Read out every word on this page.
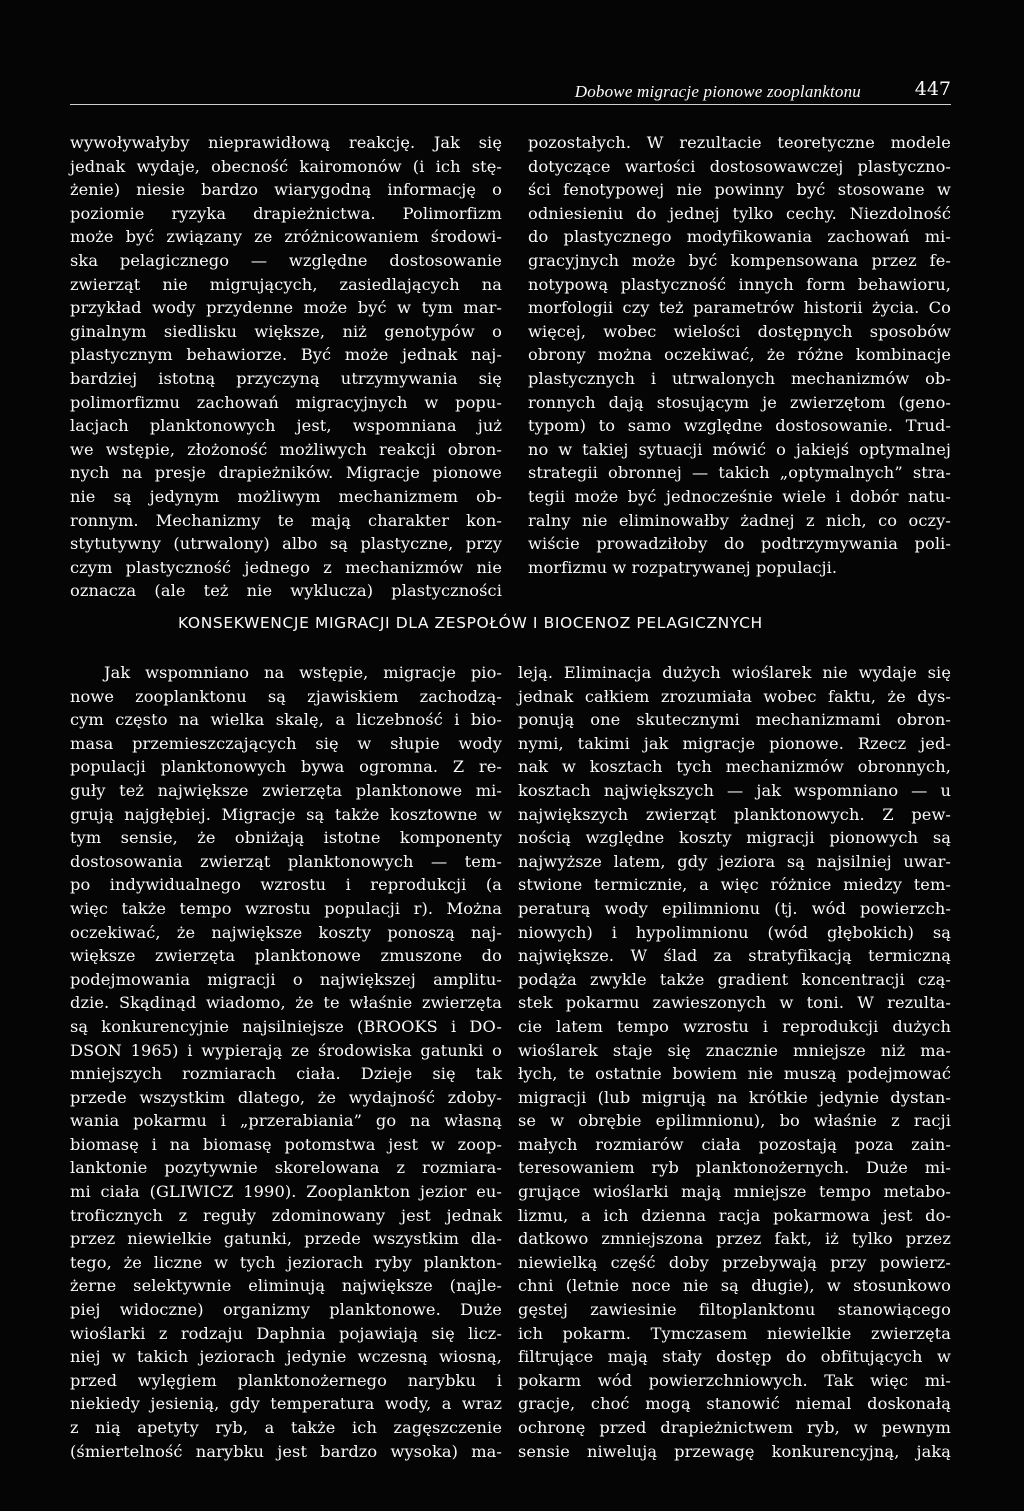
Dobowe migracje pionowe zooplanktonu	447
wywoływałyby nieprawidłową reakcję. Jak się
jednak wydaje, obecność kairomonów (i ich stę-
żenie) niesie bardzo wiarygodną informację o
poziomie ryzyka drapieżnictwa. Polimorfizm
może być związany ze zróżnicowaniem środowi-
ska pelagicznego — względne dostosowanie
zwierząt nie migrujących, zasiedlających na
przykład wody przydenne może być w tym mar-
ginalnym siedlisku większe, niż genotypów o
plastycznym behawiorze. Być może jednak naj-
bardziej istotną przyczyną utrzymywania się
polimorfizmu zachowań migracyjnych w popu-
lacjach planktonowych jest, wspomniana już
we wstępie, złożoność możliwych reakcji obron-
nych na presje drapieżników. Migracje pionowe
nie są jedynym możliwym mechanizmem ob-
ronnym. Mechanizmy te mają charakter kon-
stytutywny (utrwalony) albo są plastyczne, przy
czym plastyczność jednego z mechanizmów nie
oznacza (ale też nie wyklucza) plastyczności
pozostałych. W rezultacie teoretyczne modele
dotyczące wartości dostosowawczej plastyczno-
ści fenotypowej nie powinny być stosowane w
odniesieniu do jednej tylko cechy. Niezdolność
do plastycznego modyfikowania zachowań mi-
gracyjnych może być kompensowana przez fe-
notypową plastyczność innych form behawioru,
morfologii czy też parametrów historii życia. Co
więcej, wobec wielości dostępnych sposobów
obrony można oczekiwać, że różne kombinacje
plastycznych i utrwalonych mechanizmów ob-
ronnych dają stosującym je zwierzętom (geno-
typom) to samo względne dostosowanie. Trud-
no w takiej sytuacji mówić o jakiejś optymalnej
strategii obronnej — takich „optymalnych” stra-
tegii może być jednocześnie wiele i dobór natu-
ralny nie eliminowałby żadnej z nich, co oczy-
wiście prowadziłoby do podtrzymywania poli-
morfizmu w rozpatrywanej populacji.
KONSEKWENCJE MIGRACJI DLA ZESPOŁÓW I BIOCENOZ PELAGICZNYCH
Jak wspomniano na wstępie, migracje pio-
nowe zooplanktonu są zjawiskiem zachodzą-
cym często na wielka skalę, a liczebność i bio-
masa przemieszczających się w słupie wody
populacji planktonowych bywa ogromna. Z re-
guły też największe zwierzęta planktonowe mi-
grują najgłębiej. Migracje są także kosztowne w
tym sensie, że obniżają istotne komponenty
dostosowania zwierząt planktonowych — tem-
po indywidualnego wzrostu i reprodukcji (a
więc także tempo wzrostu populacji r). Można
oczekiwać, że największe koszty ponoszą naj-
większe zwierzęta planktonowe zmuszone do
podejmowania migracji o największej amplitu-
dzie. Skądinąd wiadomo, że te właśnie zwierzęta
są konkurencyjnie najsilniejsze (BROOKS i DO-
DSON 1965) i wypierają ze środowiska gatunki o
mniejszych rozmiarach ciała. Dzieje się tak
przede wszystkim dlatego, że wydajność zdoby-
wania pokarmu i „przerabiania” go na własną
biomasę i na biomasę potomstwa jest w zoop-
lanktonie pozytywnie skorelowana z rozmiara-
mi ciała (GLIWICZ 1990). Zooplankton jezior eu-
troficznych z reguły zdominowany jest jednak
przez niewielkie gatunki, przede wszystkim dla-
tego, że liczne w tych jeziorach ryby plankton-
żerne selektywnie eliminują największe (najle-
piej widoczne) organizmy planktonowe. Duże
wioślarki z rodzaju Daphnia pojawiają się licz-
niej w takich jeziorach jedynie wczesną wiosną,
przed wylęgiem planktonożernego narybku i
niekiedy jesienią, gdy temperatura wody, a wraz
z nią apetyty ryb, a także ich zagęszczenie
(śmiertelność narybku jest bardzo wysoka) ma-
leją. Eliminacja dużych wioślarek nie wydaje się
jednak całkiem zrozumiała wobec faktu, że dys-
ponują one skutecznymi mechanizmami obron-
nymi, takimi jak migracje pionowe. Rzecz jed-
nak w kosztach tych mechanizmów obronnych,
kosztach największych — jak wspomniano — u
największych zwierząt planktonowych. Z pew-
nością względne koszty migracji pionowych są
najwyższe latem, gdy jeziora są najsilniej uwar-
stwione termicznie, a więc różnice miedzy tem-
peraturą wody epilimnionu (tj. wód powierzch-
niowych) i hypolimnionu (wód głębokich) są
największe. W ślad za stratyfikacją termiczną
podąża zwykle także gradient koncentracji czą-
stek pokarmu zawieszonych w toni. W rezulta-
cie latem tempo wzrostu i reprodukcji dużych
wioślarek staje się znacznie mniejsze niż ma-
łych, te ostatnie bowiem nie muszą podejmować
migracji (lub migrują na krótkie jedynie dystan-
se w obrębie epilimnionu), bo właśnie z racji
małych rozmiarów ciała pozostają poza zain-
teresowaniem ryb planktonożernych. Duże mi-
grujące wioślarki mają mniejsze tempo metabo-
lizmu, a ich dzienna racja pokarmowa jest do-
datkowo zmniejszona przez fakt, iż tylko przez
niewielką część doby przebywają przy powierz-
chni (letnie noce nie są długie), w stosunkowo
gęstej zawiesinie filtoplanktonu stanowiącego
ich pokarm. Tymczasem niewielkie zwierzęta
filtrujące mają stały dostęp do obfitujących w
pokarm wód powierzchniowych. Tak więc mi-
gracje, choć mogą stanowić niemal doskonałą
ochronę przed drapieżnictwem ryb, w pewnym
sensie niwelują przewagę konkurencyjną, jaką
